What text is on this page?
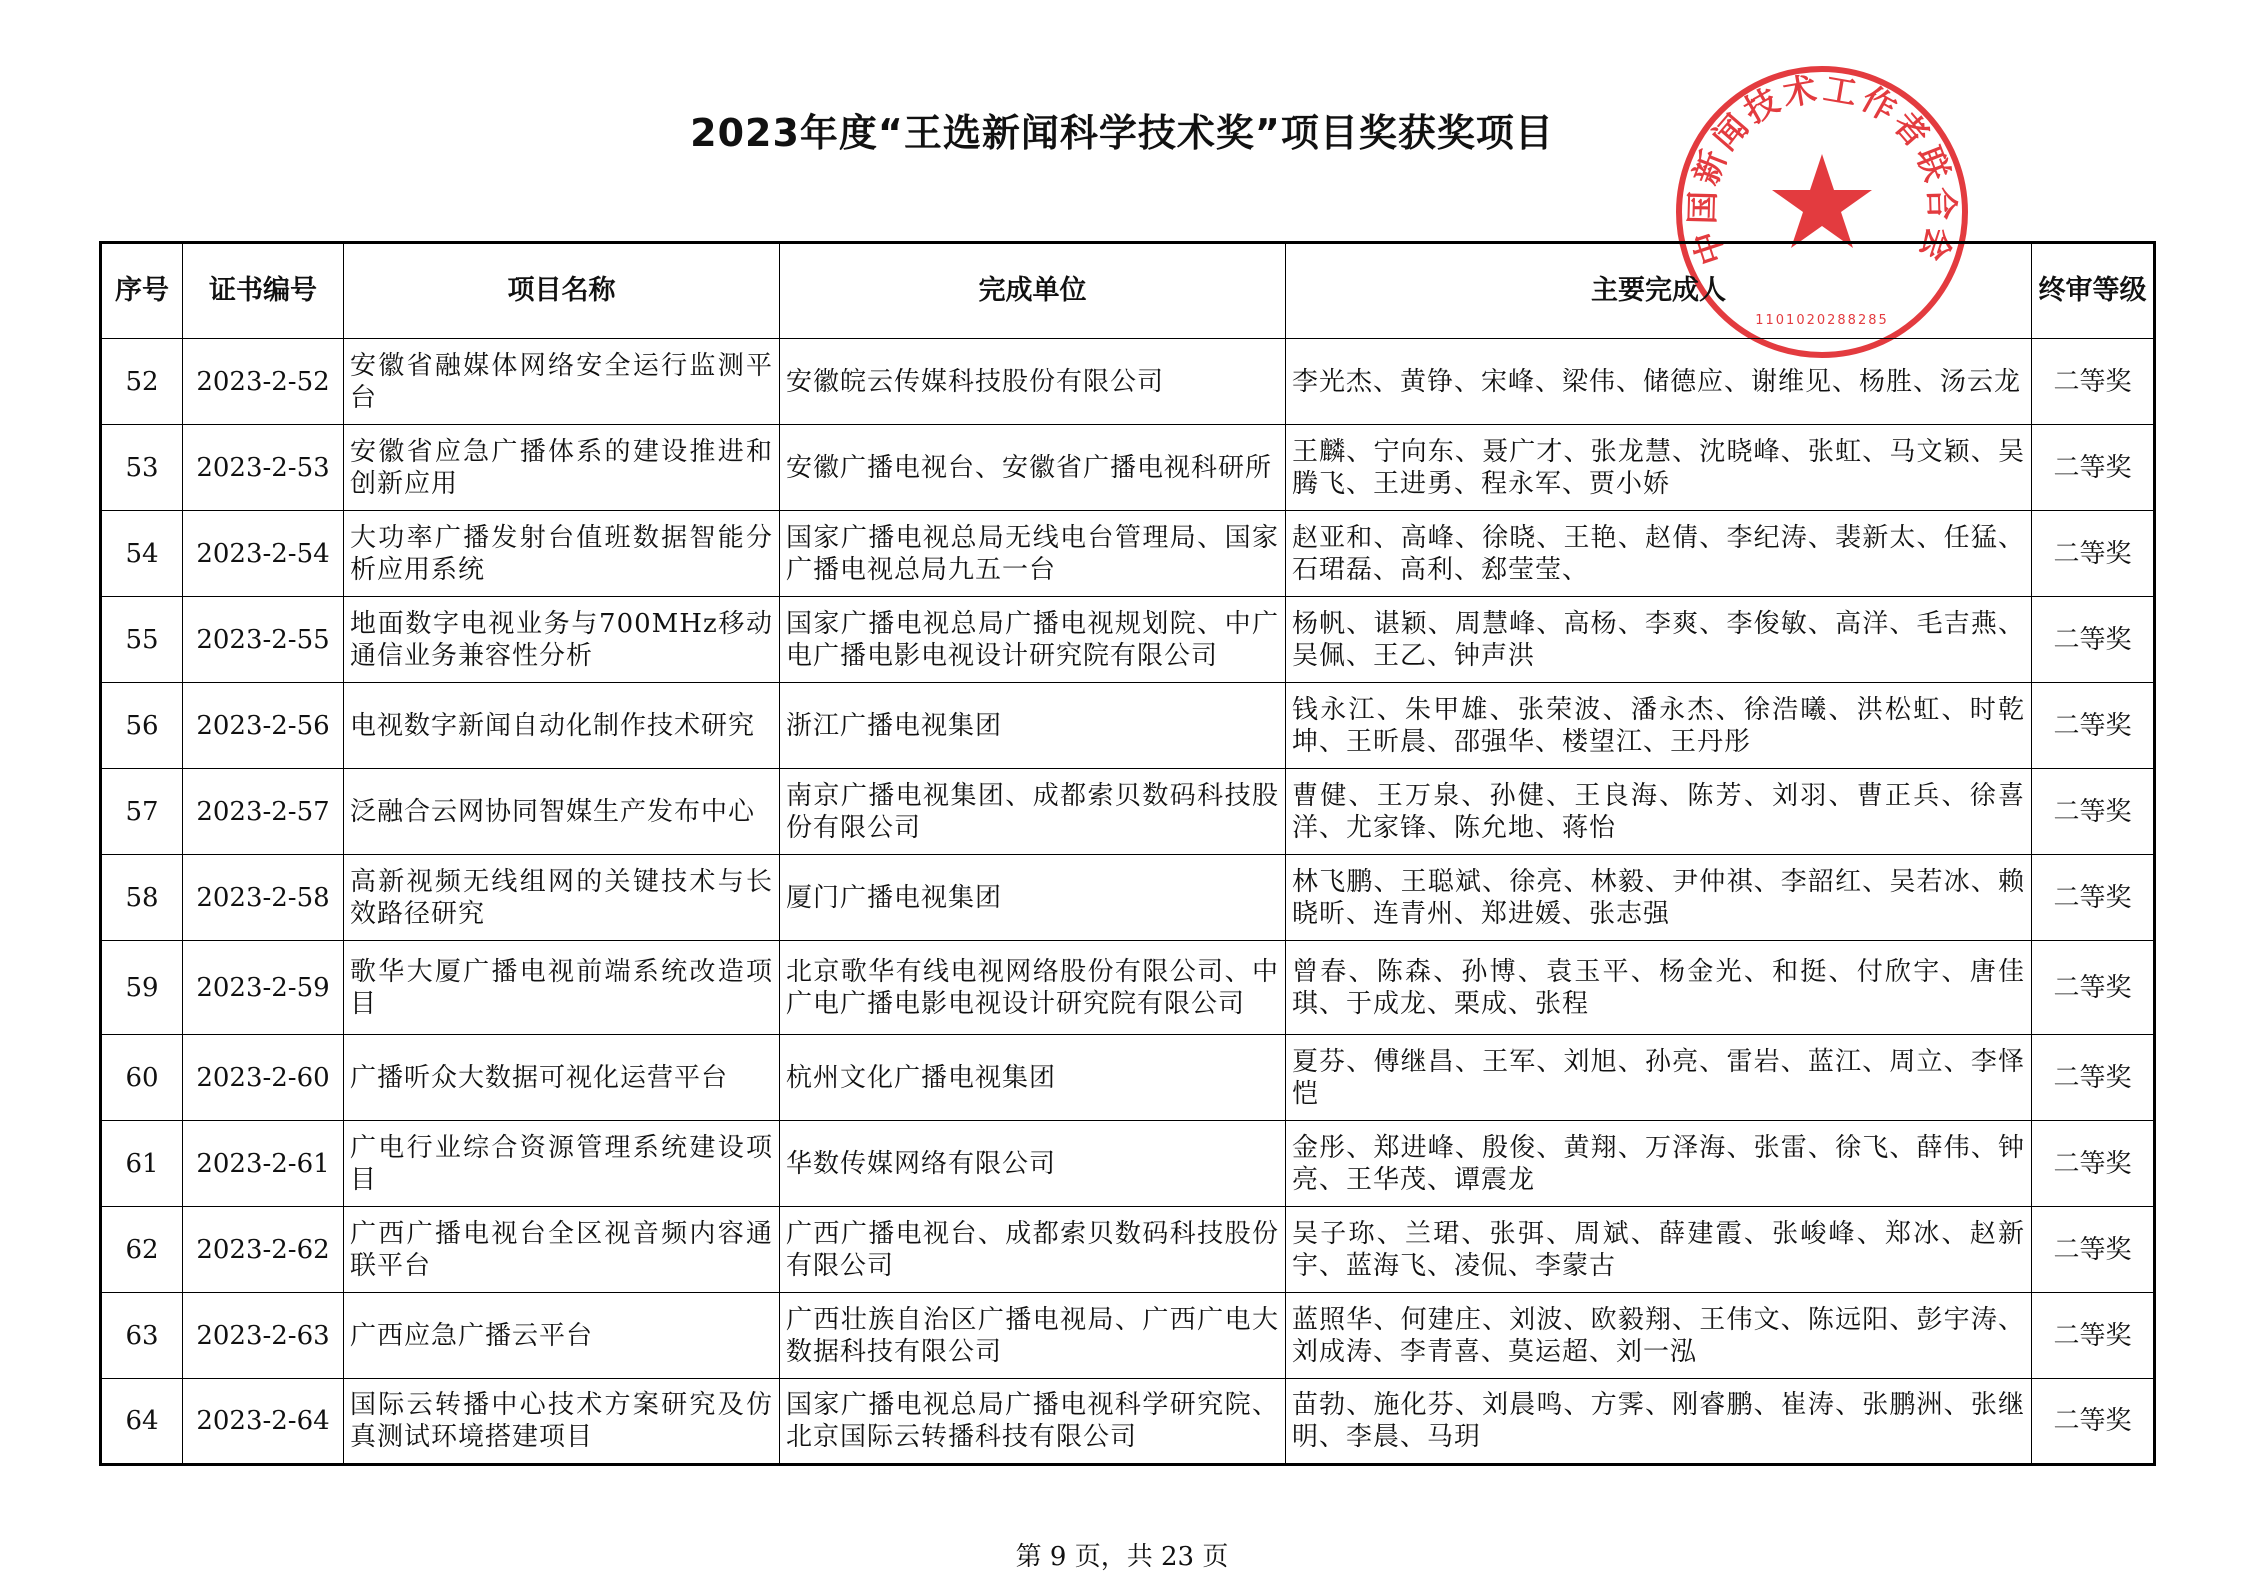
2023年度“王选新闻科学技术奖”项目奖获奖项目
中国新闻技术工作者联合会
1101020288285
序号	证书编号	项目名称	完成单位	主要完成人	终审等级
52	2023-2-52	安徽省融媒体网络安全运行监测平台	安徽皖云传媒科技股份有限公司	李光杰、黄铮、宋峰、梁伟、储德应、谢维见、杨胜、汤云龙	二等奖
53	2023-2-53	安徽省应急广播体系的建设推进和创新应用	安徽广播电视台、安徽省广播电视科研所	王麟、宁向东、聂广才、张龙慧、沈晓峰、张虹、马文颖、吴腾飞、王进勇、程永军、贾小娇	二等奖
54	2023-2-54	大功率广播发射台值班数据智能分析应用系统	国家广播电视总局无线电台管理局、国家广播电视总局九五一台	赵亚和、高峰、徐晓、王艳、赵倩、李纪涛、裴新太、任猛、石珺磊、高利、郄莹莹、	二等奖
55	2023-2-55	地面数字电视业务与700MHz移动通信业务兼容性分析	国家广播电视总局广播电视规划院、中广电广播电影电视设计研究院有限公司	杨帆、谌颖、周慧峰、高杨、李爽、李俊敏、高洋、毛吉燕、吴佩、王乙、钟声洪	二等奖
56	2023-2-56	电视数字新闻自动化制作技术研究	浙江广播电视集团	钱永江、朱甲雄、张荣波、潘永杰、徐浩曦、洪松虹、时乾坤、王昕晨、邵强华、楼望江、王丹彤	二等奖
57	2023-2-57	泛融合云网协同智媒生产发布中心	南京广播电视集团、成都索贝数码科技股份有限公司	曹健、王万泉、孙健、王良海、陈芳、刘羽、曹正兵、徐喜洋、尤家锋、陈允地、蒋怡	二等奖
58	2023-2-58	高新视频无线组网的关键技术与长效路径研究	厦门广播电视集团	林飞鹏、王聪斌、徐亮、林毅、尹仲祺、李韶红、吴若冰、赖晓昕、连青州、郑进媛、张志强	二等奖
59	2023-2-59	歌华大厦广播电视前端系统改造项目	北京歌华有线电视网络股份有限公司、中广电广播电影电视设计研究院有限公司	曾春、陈森、孙博、袁玉平、杨金光、和挺、付欣宇、唐佳琪、于成龙、栗成、张程	二等奖
60	2023-2-60	广播听众大数据可视化运营平台	杭州文化广播电视集团	夏芬、傅继昌、王军、刘旭、孙亮、雷岩、蓝江、周立、李怿恺	二等奖
61	2023-2-61	广电行业综合资源管理系统建设项目	华数传媒网络有限公司	金彤、郑进峰、殷俊、黄翔、万泽海、张雷、徐飞、薛伟、钟亮、王华茂、谭震龙	二等奖
62	2023-2-62	广西广播电视台全区视音频内容通联平台	广西广播电视台、成都索贝数码科技股份有限公司	吴子珎、兰珺、张弭、周斌、薛建霞、张峻峰、郑冰、赵新宇、蓝海飞、凌侃、李蒙古	二等奖
63	2023-2-63	广西应急广播云平台	广西壮族自治区广播电视局、广西广电大数据科技有限公司	蓝照华、何建庄、刘波、欧毅翔、王伟文、陈远阳、彭宇涛、刘成涛、李青喜、莫运超、刘一泓	二等奖
64	2023-2-64	国际云转播中心技术方案研究及仿真测试环境搭建项目	国家广播电视总局广播电视科学研究院、北京国际云转播科技有限公司	苗勃、施化芬、刘晨鸣、方霁、刚睿鹏、崔涛、张鹏洲、张继明、李晨、马玥	二等奖
第 9 页，共 23 页
